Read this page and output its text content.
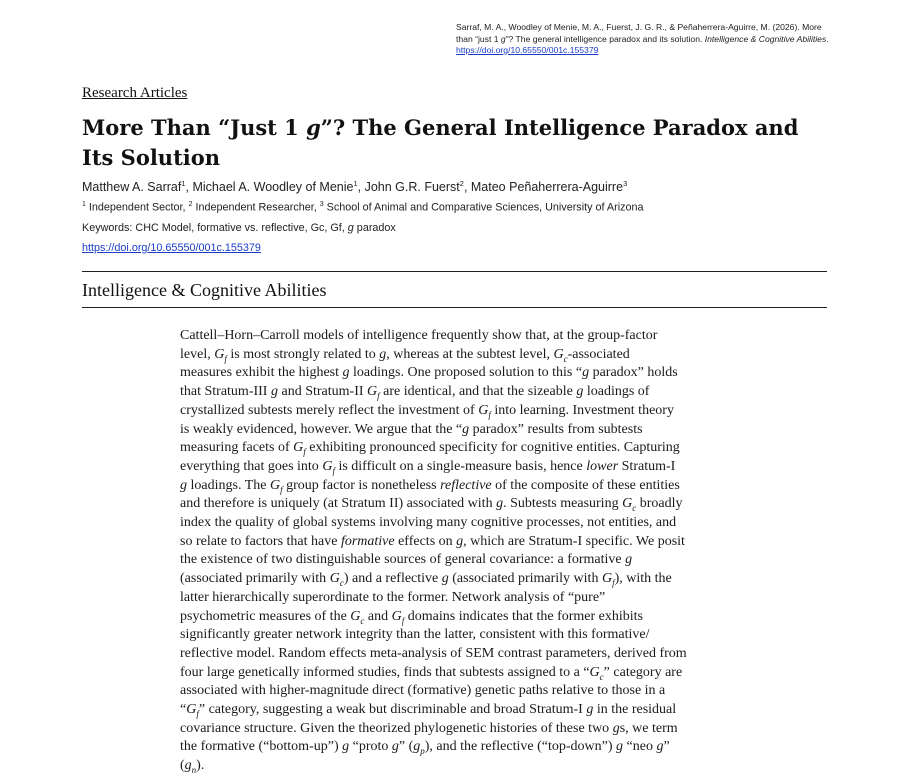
Sarraf, M. A., Woodley of Menie, M. A., Fuerst, J. G. R., & Peñaherrera-Aguirre, M. (2026). More than “just 1 g”? The general intelligence paradox and its solution. Intelligence & Cognitive Abilities. https://doi.org/10.65550/001c.155379
Research Articles
More Than “Just 1 g”? The General Intelligence Paradox and Its Solution
Matthew A. Sarraf$^1$, Michael A. Woodley of Menie$^1$, John G.R. Fuerst$^2$, Mateo Peñaherrera-Aguirre$^3$
$^1$ Independent Sector, $^2$ Independent Researcher, $^3$ School of Animal and Comparative Sciences, University of Arizona
Keywords: CHC Model, formative vs. reflective, Gc, Gf, g paradox
https://doi.org/10.65550/001c.155379
Intelligence & Cognitive Abilities
Cattell–Horn–Carroll models of intelligence frequently show that, at the group-factor
level, $G_f$ is most strongly related to g, whereas at the subtest level, $G_c$-associated
measures exhibit the highest g loadings. One proposed solution to this “g paradox” holds
that Stratum-III g and Stratum-II $G_f$ are identical, and that the sizeable g loadings of
crystallized subtests merely reflect the investment of $G_f$ into learning. Investment theory
is weakly evidenced, however. We argue that the “g paradox” results from subtests
measuring facets of $G_f$ exhibiting pronounced specificity for cognitive entities. Capturing
everything that goes into $G_f$ is difficult on a single-measure basis, hence lower Stratum-I
g loadings. The $G_f$ group factor is nonetheless reflective of the composite of these entities
and therefore is uniquely (at Stratum II) associated with g. Subtests measuring $G_c$ broadly
index the quality of global systems involving many cognitive processes, not entities, and
so relate to factors that have formative effects on g, which are Stratum-I specific. We posit
the existence of two distinguishable sources of general covariance: a formative g
(associated primarily with $G_c$) and a reflective g (associated primarily with $G_f$), with the
latter hierarchically superordinate to the former. Network analysis of “pure”
psychometric measures of the $G_c$ and $G_f$ domains indicates that the former exhibits
significantly greater network integrity than the latter, consistent with this formative/
reflective model. Random effects meta-analysis of SEM contrast parameters, derived from
four large genetically informed studies, finds that subtests assigned to a “$G_c$” category are
associated with higher-magnitude direct (formative) genetic paths relative to those in a
“$G_f$” category, suggesting a weak but discriminable and broad Stratum-I g in the residual
covariance structure. Given the theorized phylogenetic histories of these two gs, we term
the formative (“bottom-up”) g “proto g” $(g_p)$, and the reflective (“top-down”) g “neo g”
$(g_n)$.
